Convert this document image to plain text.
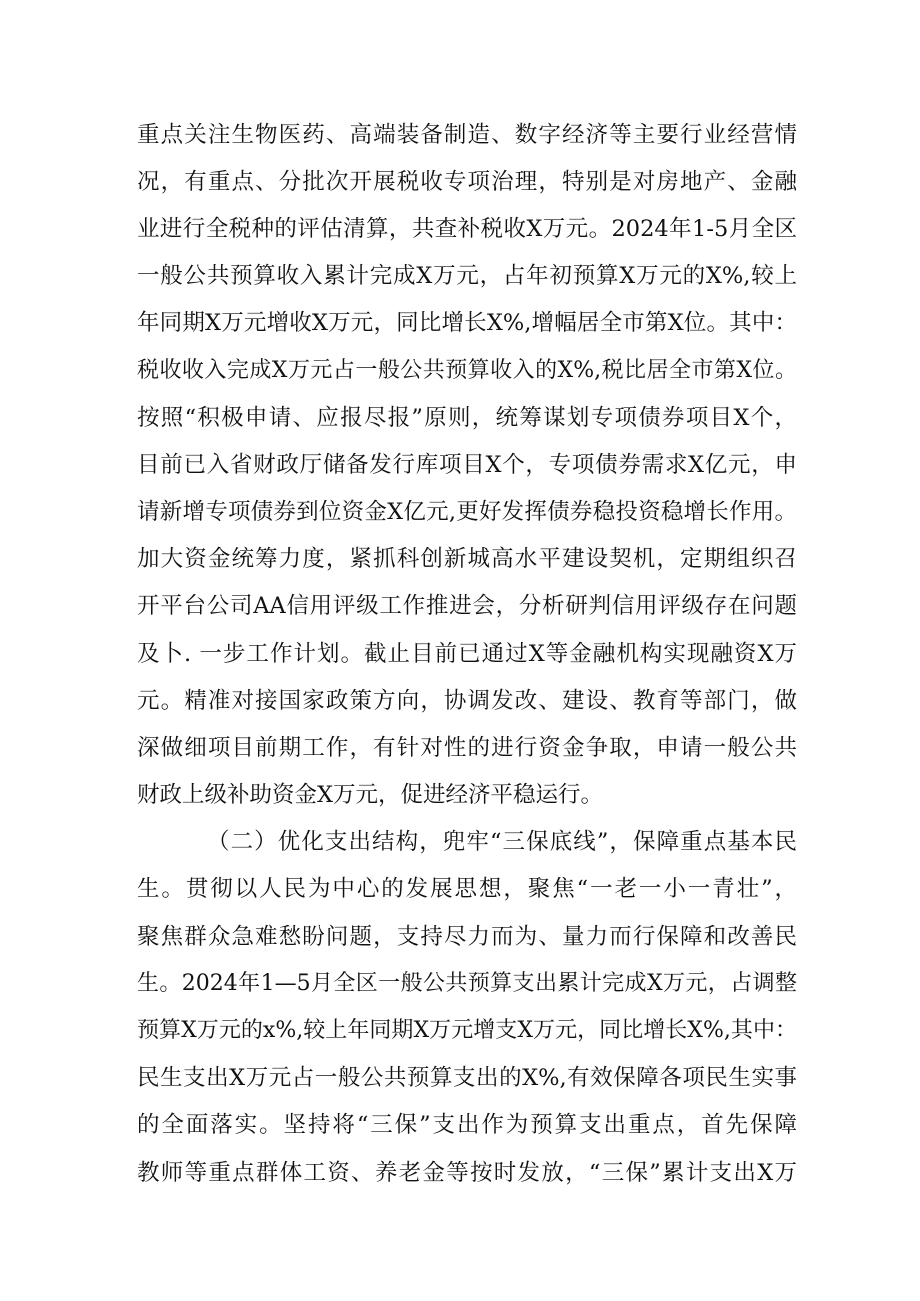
重点关注生物医药、高端装备制造、数字经济等主要行业经营情
况，有重点、分批次开展税收专项治理，特别是对房地产、金融
业进行全税种的评估清算，共查补税收X万元。2024年1-5月全区
一般公共预算收入累计完成X万元，占年初预算X万元的X%,较上
年同期X万元增收X万元，同比增长X%,增幅居全市第X位。其中：
税收收入完成X万元占一般公共预算收入的X%,税比居全市第X位。
按照“积极申请、应报尽报”原则，统筹谋划专项债券项目X个，
目前已入省财政厅储备发行库项目X个，专项债券需求X亿元，申
请新增专项债券到位资金X亿元,更好发挥债券稳投资稳增长作用。
加大资金统筹力度，紧抓科创新城高水平建设契机，定期组织召
开平台公司AA信用评级工作推进会，分析研判信用评级存在问题
及卜. 一步工作计划。截止目前已通过X等金融机构实现融资X万
元。精准对接国家政策方向，协调发改、建设、教育等部门，做
深做细项目前期工作，有针对性的进行资金争取，申请一般公共
财政上级补助资金X万元，促进经济平稳运行。
（二）优化支出结构，兜牢“三保底线”，保障重点基本民
生。贯彻以人民为中心的发展思想，聚焦“一老一小一青壮”，
聚焦群众急难愁盼问题，支持尽力而为、量力而行保障和改善民
生。2024年1—5月全区一般公共预算支出累计完成X万元，占调整
预算X万元的x%,较上年同期X万元增支X万元，同比增长X%,其中：
民生支出X万元占一般公共预算支出的X%,有效保障各项民生实事
的全面落实。坚持将“三保”支出作为预算支出重点，首先保障
教师等重点群体工资、养老金等按时发放，“三保”累计支出X万
